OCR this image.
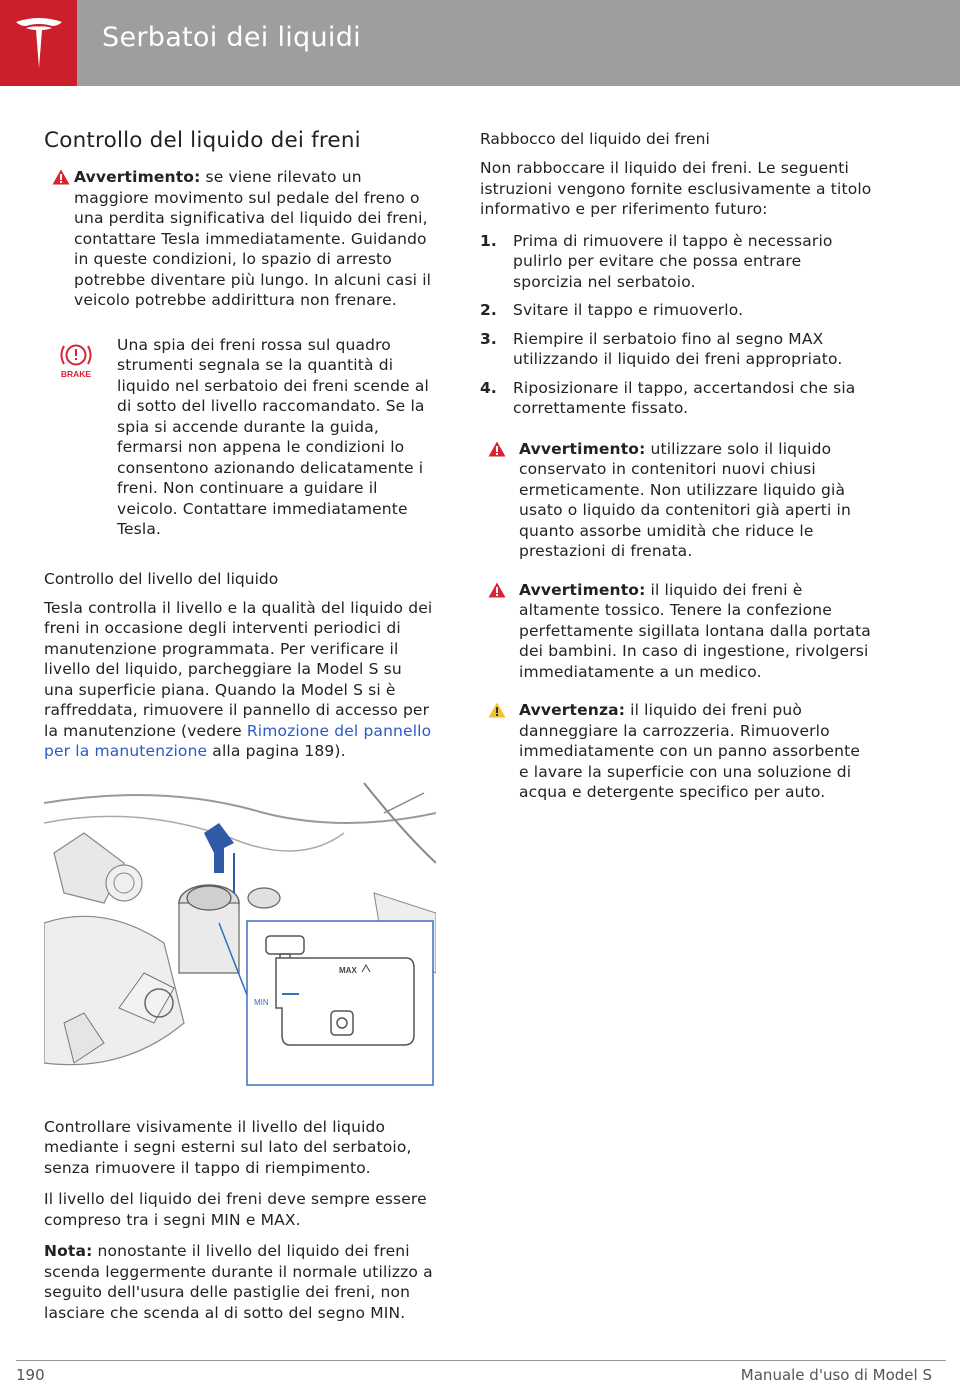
Serbatoi dei liquidi
Controllo del liquido dei freni

Avvertimento: se viene rilevato un maggiore movimento sul pedale del freno o una perdita significativa del liquido dei freni, contattare Tesla immediatamente. Guidando in queste condizioni, lo spazio di arresto potrebbe diventare più lungo. In alcuni casi il veicolo potrebbe addirittura non frenare.

BRAKE

Una spia dei freni rossa sul quadro strumenti segnala se la quantità di liquido nel serbatoio dei freni scende al di sotto del livello raccomandato. Se la spia si accende durante la guida, fermarsi non appena le condizioni lo consentono azionando delicatamente i freni. Non continuare a guidare il veicolo. Contattare immediatamente Tesla.

Controllo del livello del liquido

Tesla controlla il livello e la qualità del liquido dei freni in occasione degli interventi periodici di manutenzione programmata. Per verificare il livello del liquido, parcheggiare la Model S su una superficie piana. Quando la Model S si è raffreddata, rimuovere il pannello di accesso per la manutenzione (vedere Rimozione del pannello per la manutenzione alla pagina 189).

MAX
MIN

Controllare visivamente il livello del liquido mediante i segni esterni sul lato del serbatoio, senza rimuovere il tappo di riempimento.

Il livello del liquido dei freni deve sempre essere compreso tra i segni MIN e MAX.

Nota: nonostante il livello del liquido dei freni scenda leggermente durante il normale utilizzo a seguito dell'usura delle pastiglie dei freni, non lasciare che scenda al di sotto del segno MIN.

Rabbocco del liquido dei freni

Non rabboccare il liquido dei freni. Le seguenti istruzioni vengono fornite esclusivamente a titolo informativo e per riferimento futuro:

1. Prima di rimuovere il tappo è necessario pulirlo per evitare che possa entrare sporcizia nel serbatoio.
2. Svitare il tappo e rimuoverlo.
3. Riempire il serbatoio fino al segno MAX utilizzando il liquido dei freni appropriato.
4. Riposizionare il tappo, accertandosi che sia correttamente fissato.

Avvertimento: utilizzare solo il liquido conservato in contenitori nuovi chiusi ermeticamente. Non utilizzare liquido già usato o liquido da contenitori già aperti in quanto assorbe umidità che riduce le prestazioni di frenata.

Avvertimento: il liquido dei freni è altamente tossico. Tenere la confezione perfettamente sigillata lontana dalla portata dei bambini. In caso di ingestione, rivolgersi immediatamente a un medico.

Avvertenza: il liquido dei freni può danneggiare la carrozzeria. Rimuoverlo immediatamente con un panno assorbente e lavare la superficie con una soluzione di acqua e detergente specifico per auto.

190	Manuale d'uso di Model S
